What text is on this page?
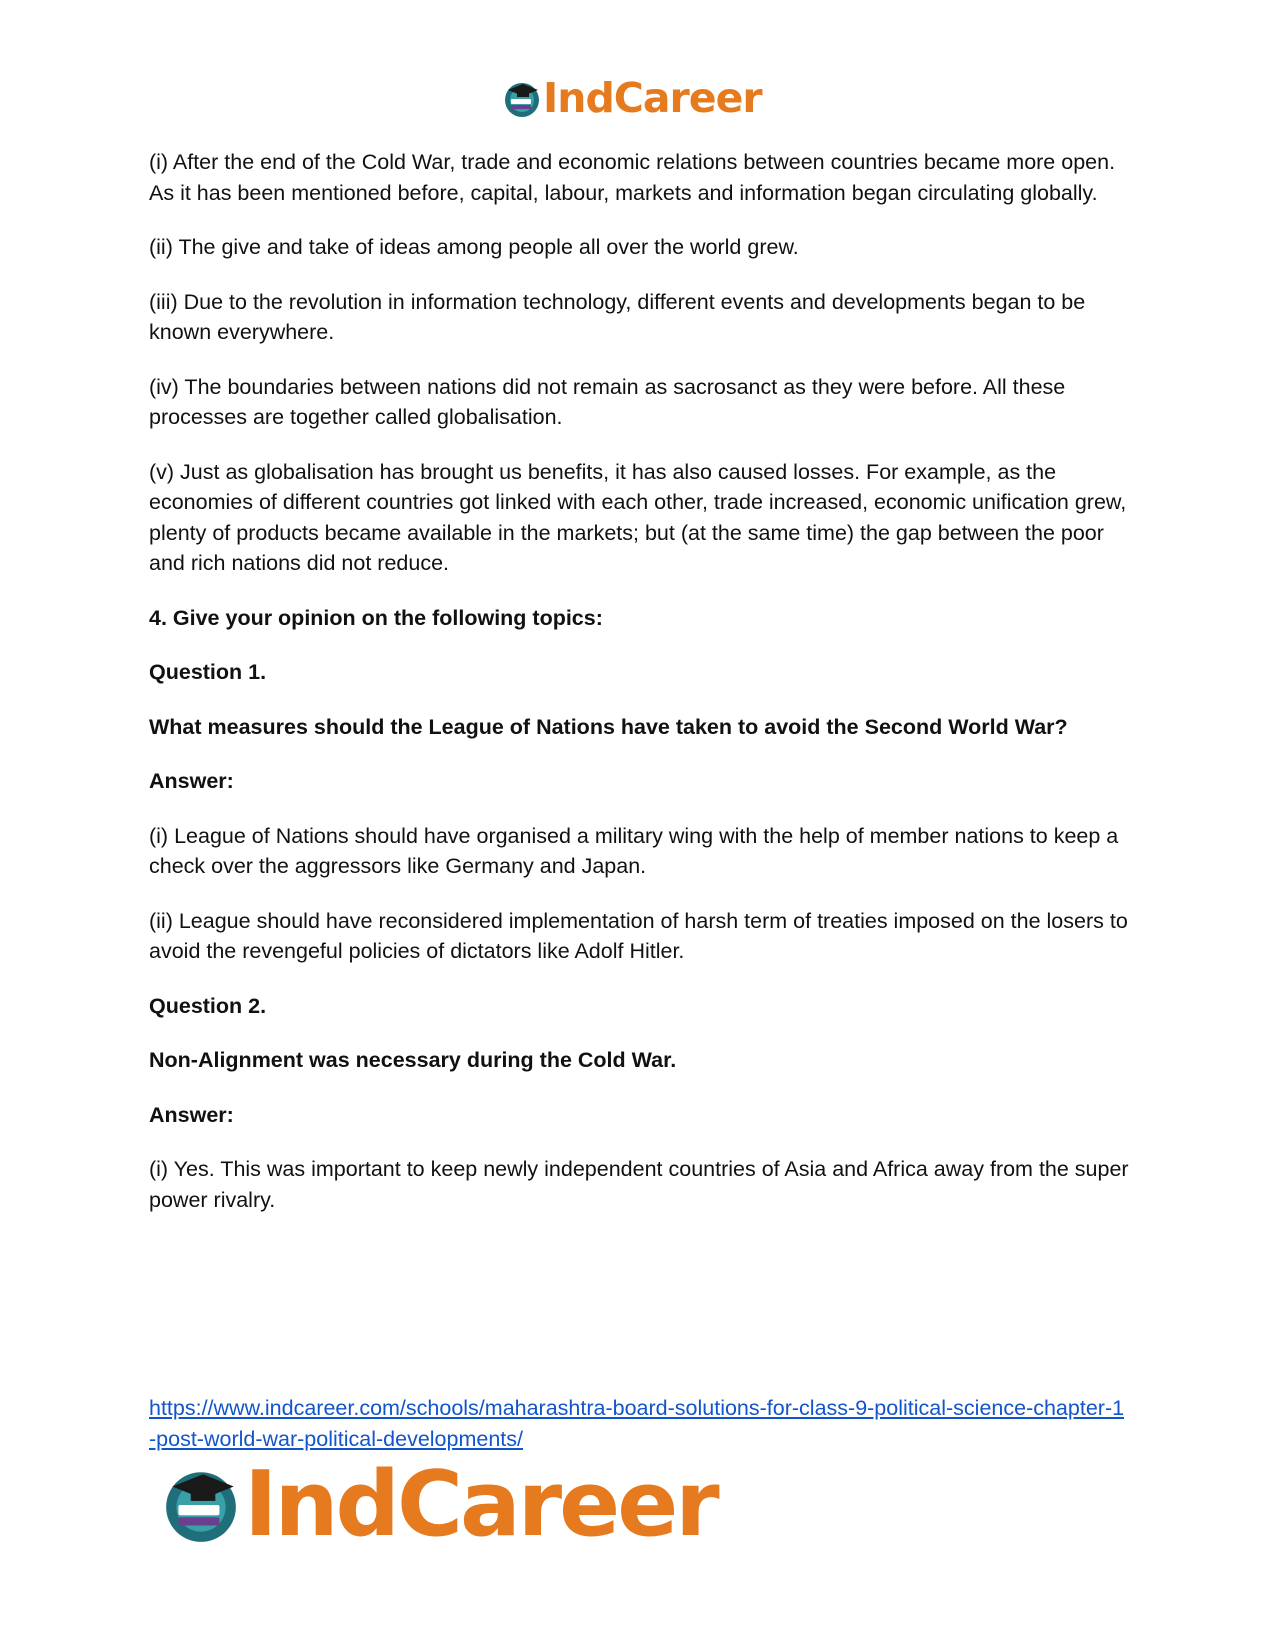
IndCareer

(i) After the end of the Cold War, trade and economic relations between countries became more open. As it has been mentioned before, capital, labour, markets and information began circulating globally.

(ii) The give and take of ideas among people all over the world grew.

(iii) Due to the revolution in information technology, different events and developments began to be known everywhere.

(iv) The boundaries between nations did not remain as sacrosanct as they were before. All these processes are together called globalisation.

(v) Just as globalisation has brought us benefits, it has also caused losses. For example, as the economies of different countries got linked with each other, trade increased, economic unification grew, plenty of products became available in the markets; but (at the same time) the gap between the poor and rich nations did not reduce.

4. Give your opinion on the following topics:

Question 1.

What measures should the League of Nations have taken to avoid the Second World War?

Answer:

(i) League of Nations should have organised a military wing with the help of member nations to keep a check over the aggressors like Germany and Japan.

(ii) League should have reconsidered implementation of harsh term of treaties imposed on the losers to avoid the revengeful policies of dictators like Adolf Hitler.

Question 2.

Non-Alignment was necessary during the Cold War.

Answer:

(i) Yes. This was important to keep newly independent countries of Asia and Africa away from the super power rivalry.

https://www.indcareer.com/schools/maharashtra-board-solutions-for-class-9-political-science-chapter-1-post-world-war-political-developments/
IndCareer
